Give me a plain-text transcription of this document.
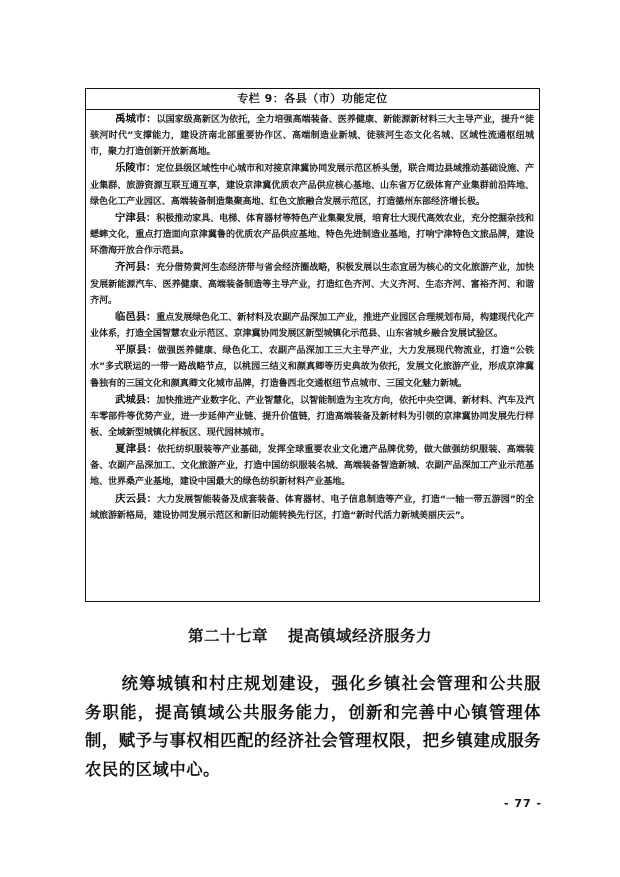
专栏 9：各县（市）功能定位

禹城市：以国家级高新区为依托，全力培强高端装备、医养健康、新能源新材料三大主导产业，提升“徒骇河时代”支撑能力，建设济南北部重要协作区、高端制造业新城、徒骇河生态文化名城、区域性流通枢纽城市，聚力打造创新开放新高地。

乐陵市：定位县级区域性中心城市和对接京津冀协同发展示范区桥头堡，联合周边县域推动基础设施、产业集群、旅游资源互联互通互享，建设京津冀优质农产品供应核心基地、山东省万亿级体育产业集群前沿阵地、绿色化工产业园区、高端装备制造集聚高地、红色文旅融合发展示范区，打造德州东部经济增长极。

宁津县：积极推动家具、电梯、体育器材等特色产业集聚发展，培育壮大现代高效农业，充分挖掘杂技和蟋蟀文化，重点打造面向京津冀鲁的优质农产品供应基地、特色先进制造业基地，打响宁津特色文旅品牌，建设环渤海开放合作示范县。

齐河县：充分借势黄河生态经济带与省会经济圈战略，积极发展以生态宜居为核心的文化旅游产业，加快发展新能源汽车、医养健康、高端装备制造等主导产业，打造红色齐河、大义齐河、生态齐河、富裕齐河、和谐齐河。

临邑县：重点发展绿色化工、新材料及农副产品深加工产业，推进产业园区合理规划布局，构建现代化产业体系，打造全国智慧农业示范区、京津冀协同发展区新型城镇化示范县、山东省城乡融合发展试验区。

平原县：做强医养健康、绿色化工、农副产品深加工三大主导产业，大力发展现代物流业，打造“公铁水”多式联运的一带一路战略节点，以桃园三结义和颜真卿等历史典故为依托，发展文化旅游产业，形成京津冀鲁独有的三国文化和颜真卿文化城市品牌，打造鲁西北交通枢纽节点城市、三国文化魅力新城。

武城县：加快推进产业数字化、产业智慧化，以智能制造为主攻方向，依托中央空调、新材料、汽车及汽车零部件等优势产业，进一步延伸产业链、提升价值链，打造高端装备及新材料为引领的京津冀协同发展先行样板、全域新型城镇化样板区、现代园林城市。

夏津县：依托纺织服装等产业基础，发挥全球重要农业文化遗产品牌优势，做大做强纺织服装、高端装备、农副产品深加工、文化旅游产业，打造中国纺织服装名城、高端装备智造新城、农副产品深加工产业示范基地、世界桑产业基地，建设中国最大的绿色纺织新材料产业基地。

庆云县：大力发展智能装备及成套装备、体育器材、电子信息制造等产业，打造“一轴一带五游园”的全域旅游新格局，建设协同发展示范区和新旧动能转换先行区，打造“新时代活力新城美丽庆云”。

第二十七章 提高镇域经济服务力

统筹城镇和村庄规划建设，强化乡镇社会管理和公共服务职能，提高镇域公共服务能力，创新和完善中心镇管理体制，赋予与事权相匹配的经济社会管理权限，把乡镇建成服务农民的区域中心。

- 77 -
